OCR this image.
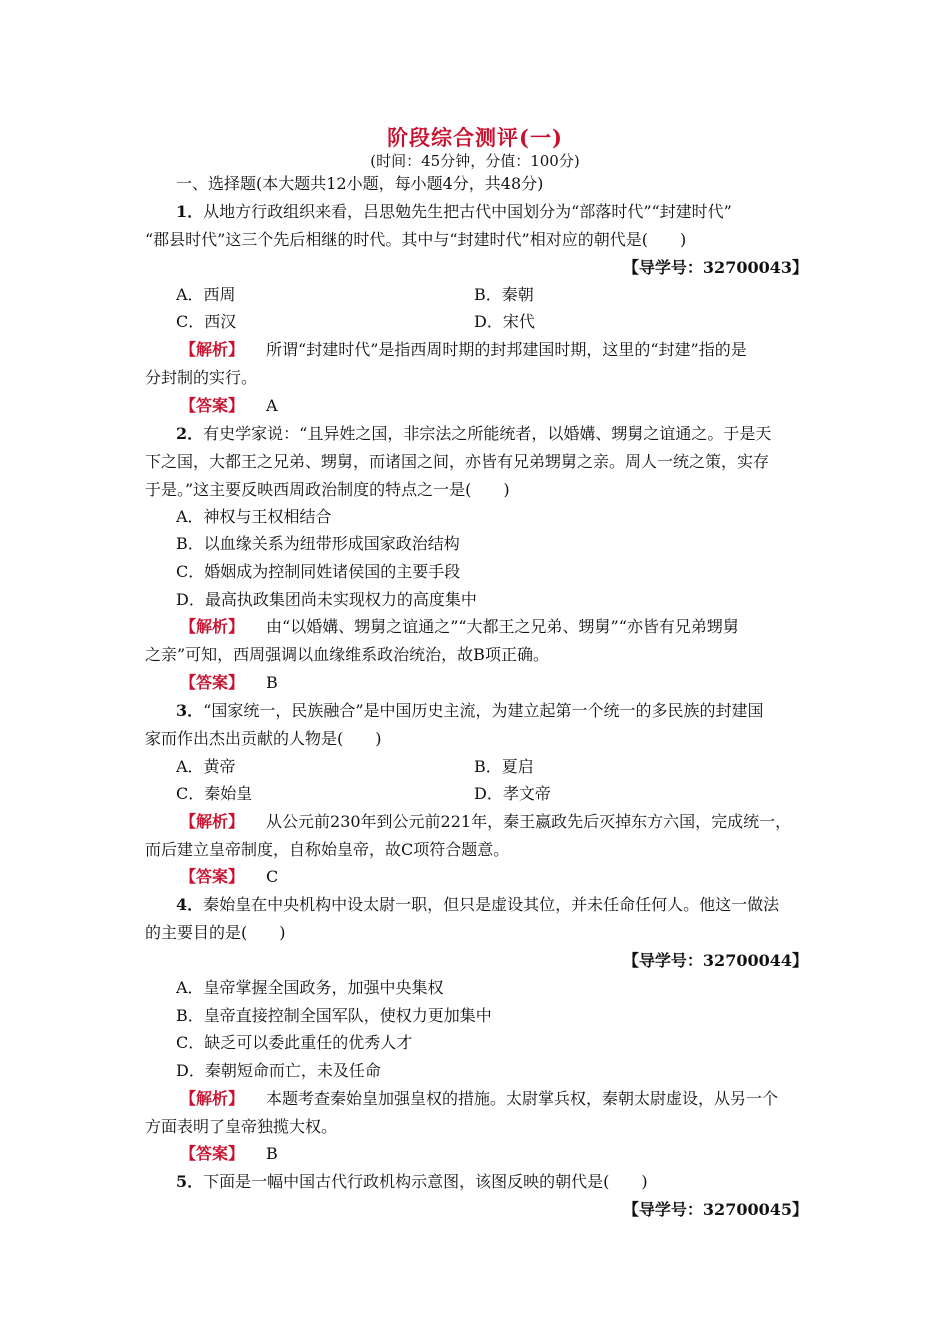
阶段综合测评(一)
(时间：45分钟，分值：100分)
一、选择题(本大题共12小题，每小题4分，共48分)
1．从地方行政组织来看，吕思勉先生把古代中国划分为“部落时代”“封建时代”
“郡县时代”这三个先后相继的时代。其中与“封建时代”相对应的朝代是(　　)
【导学号：32700043】
A．西周	B．秦朝
C．西汉	D．宋代
【解析】 所谓“封建时代”是指西周时期的封邦建国时期，这里的“封建”指的是
分封制的实行。
【答案】 A
2．有史学家说：“且异姓之国，非宗法之所能统者，以婚媾、甥舅之谊通之。于是天
下之国，大都王之兄弟、甥舅，而诸国之间，亦皆有兄弟甥舅之亲。周人一统之策，实存
于是。”这主要反映西周政治制度的特点之一是(　　)
A．神权与王权相结合
B．以血缘关系为纽带形成国家政治结构
C．婚姻成为控制同姓诸侯国的主要手段
D．最高执政集团尚未实现权力的高度集中
【解析】 由“以婚媾、甥舅之谊通之”“大都王之兄弟、甥舅”“亦皆有兄弟甥舅
之亲”可知，西周强调以血缘维系政治统治，故B项正确。
【答案】 B
3．“国家统一，民族融合”是中国历史主流，为建立起第一个统一的多民族的封建国
家而作出杰出贡献的人物是(　　)
A．黄帝	B．夏启
C．秦始皇	D．孝文帝
【解析】 从公元前230年到公元前221年，秦王嬴政先后灭掉东方六国，完成统一，
而后建立皇帝制度，自称始皇帝，故C项符合题意。
【答案】 C
4．秦始皇在中央机构中设太尉一职，但只是虚设其位，并未任命任何人。他这一做法
的主要目的是(　　)
【导学号：32700044】
A．皇帝掌握全国政务，加强中央集权
B．皇帝直接控制全国军队，使权力更加集中
C．缺乏可以委此重任的优秀人才
D．秦朝短命而亡，未及任命
【解析】 本题考查秦始皇加强皇权的措施。太尉掌兵权，秦朝太尉虚设，从另一个
方面表明了皇帝独揽大权。
【答案】 B
5．下面是一幅中国古代行政机构示意图，该图反映的朝代是(　　)
【导学号：32700045】
